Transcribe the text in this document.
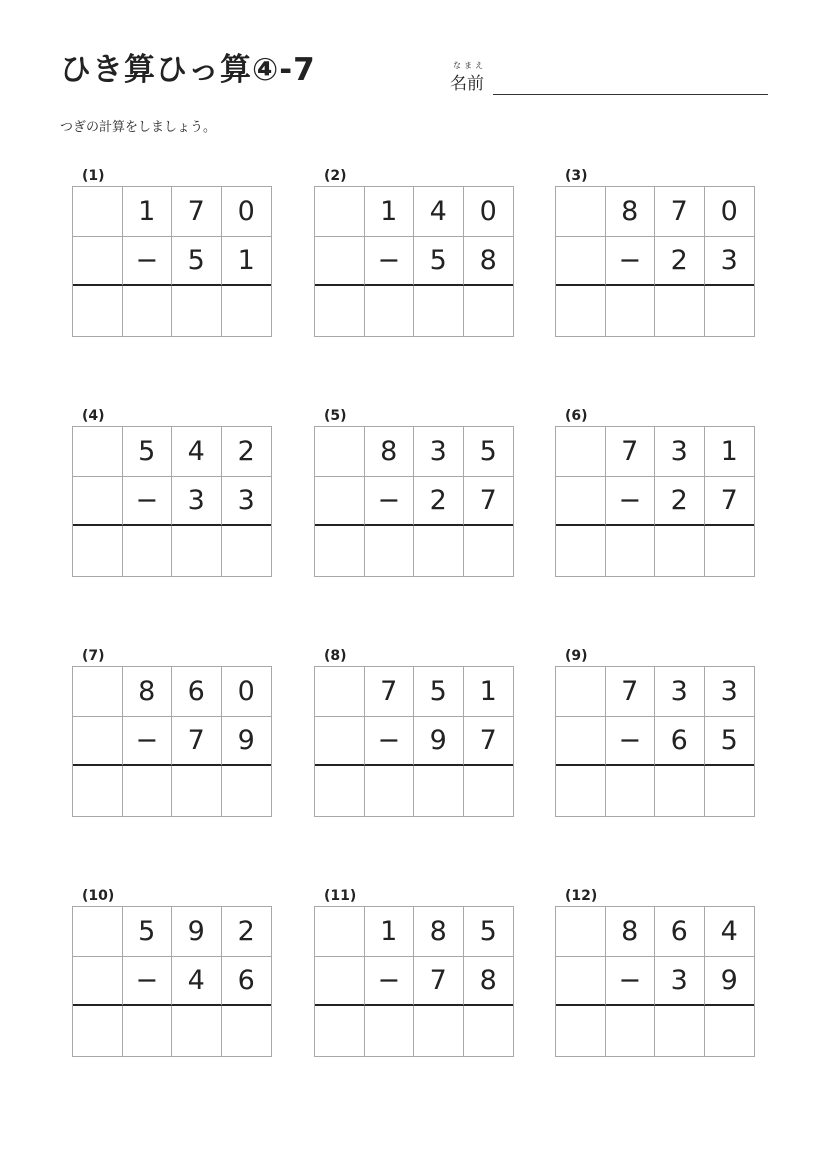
ひき算ひっ算④-7	なまえ
名前
つぎの計算をしましょう。
(1)
1	7	0
−	5	1
(2)
1	4	0
−	5	8
(3)
8	7	0
−	2	3
(4)
5	4	2
−	3	3
(5)
8	3	5
−	2	7
(6)
7	3	1
−	2	7
(7)
8	6	0
−	7	9
(8)
7	5	1
−	9	7
(9)
7	3	3
−	6	5
(10)
5	9	2
−	4	6
(11)
1	8	5
−	7	8
(12)
8	6	4
−	3	9
